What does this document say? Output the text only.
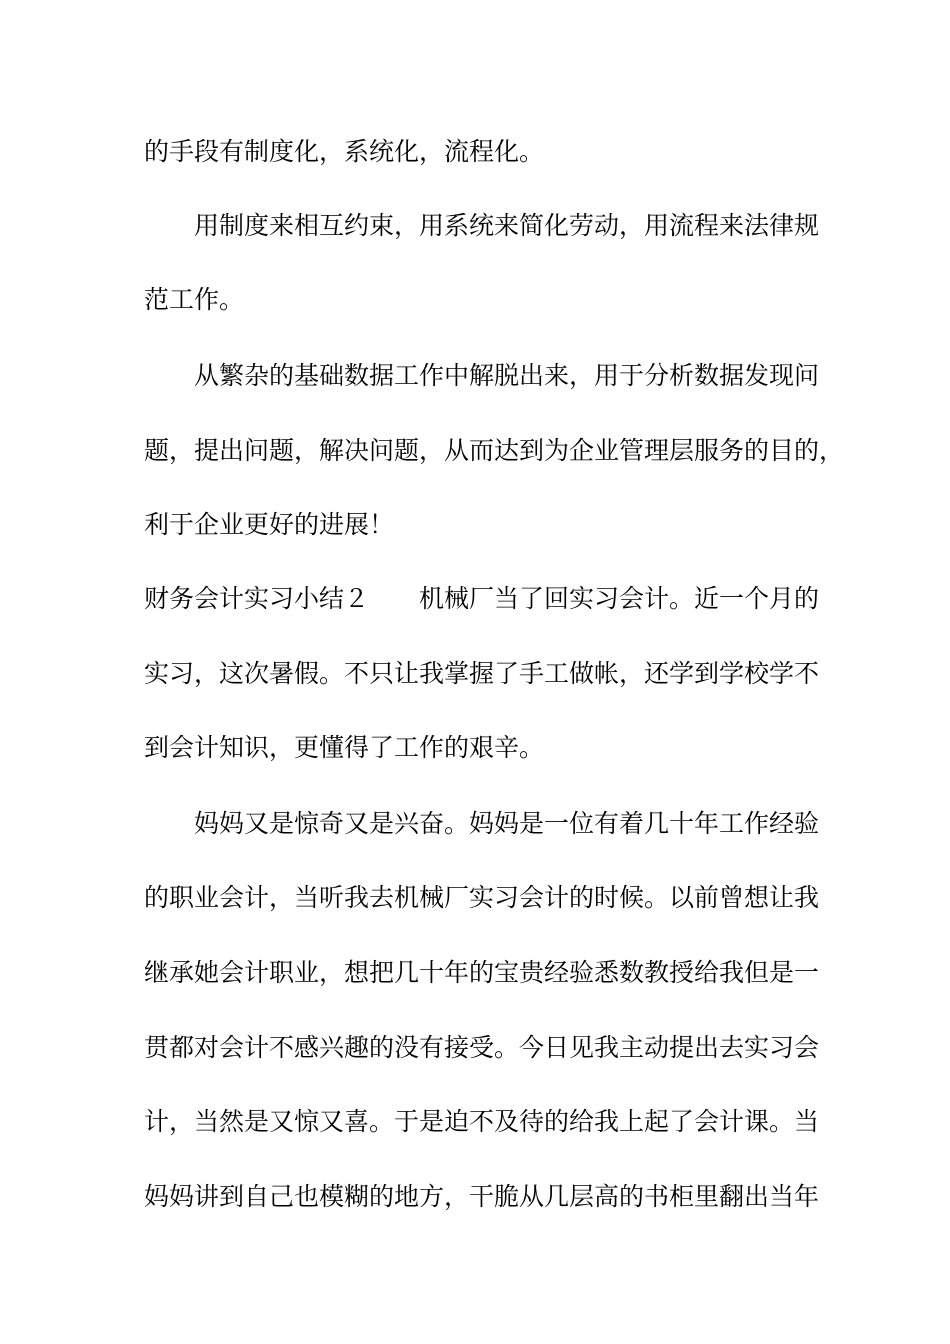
的手段有制度化，系统化，流程化。
用制度来相互约束，用系统来简化劳动，用流程来法律规
范工作。
从繁杂的基础数据工作中解脱出来，用于分析数据发现问
题，提出问题，解决问题，从而达到为企业管理层服务的目的，
利于企业更好的进展！
财务会计实习小结２　　机械厂当了回实习会计。近一个月的
实习，这次暑假。不只让我掌握了手工做帐，还学到学校学不
到会计知识，更懂得了工作的艰辛。
妈妈又是惊奇又是兴奋。妈妈是一位有着几十年工作经验
的职业会计，当听我去机械厂实习会计的时候。以前曾想让我
继承她会计职业，想把几十年的宝贵经验悉数教授给我但是一
贯都对会计不感兴趣的没有接受。今日见我主动提出去实习会
计，当然是又惊又喜。于是迫不及待的给我上起了会计课。当
妈妈讲到自己也模糊的地方，干脆从几层高的书柜里翻出当年
